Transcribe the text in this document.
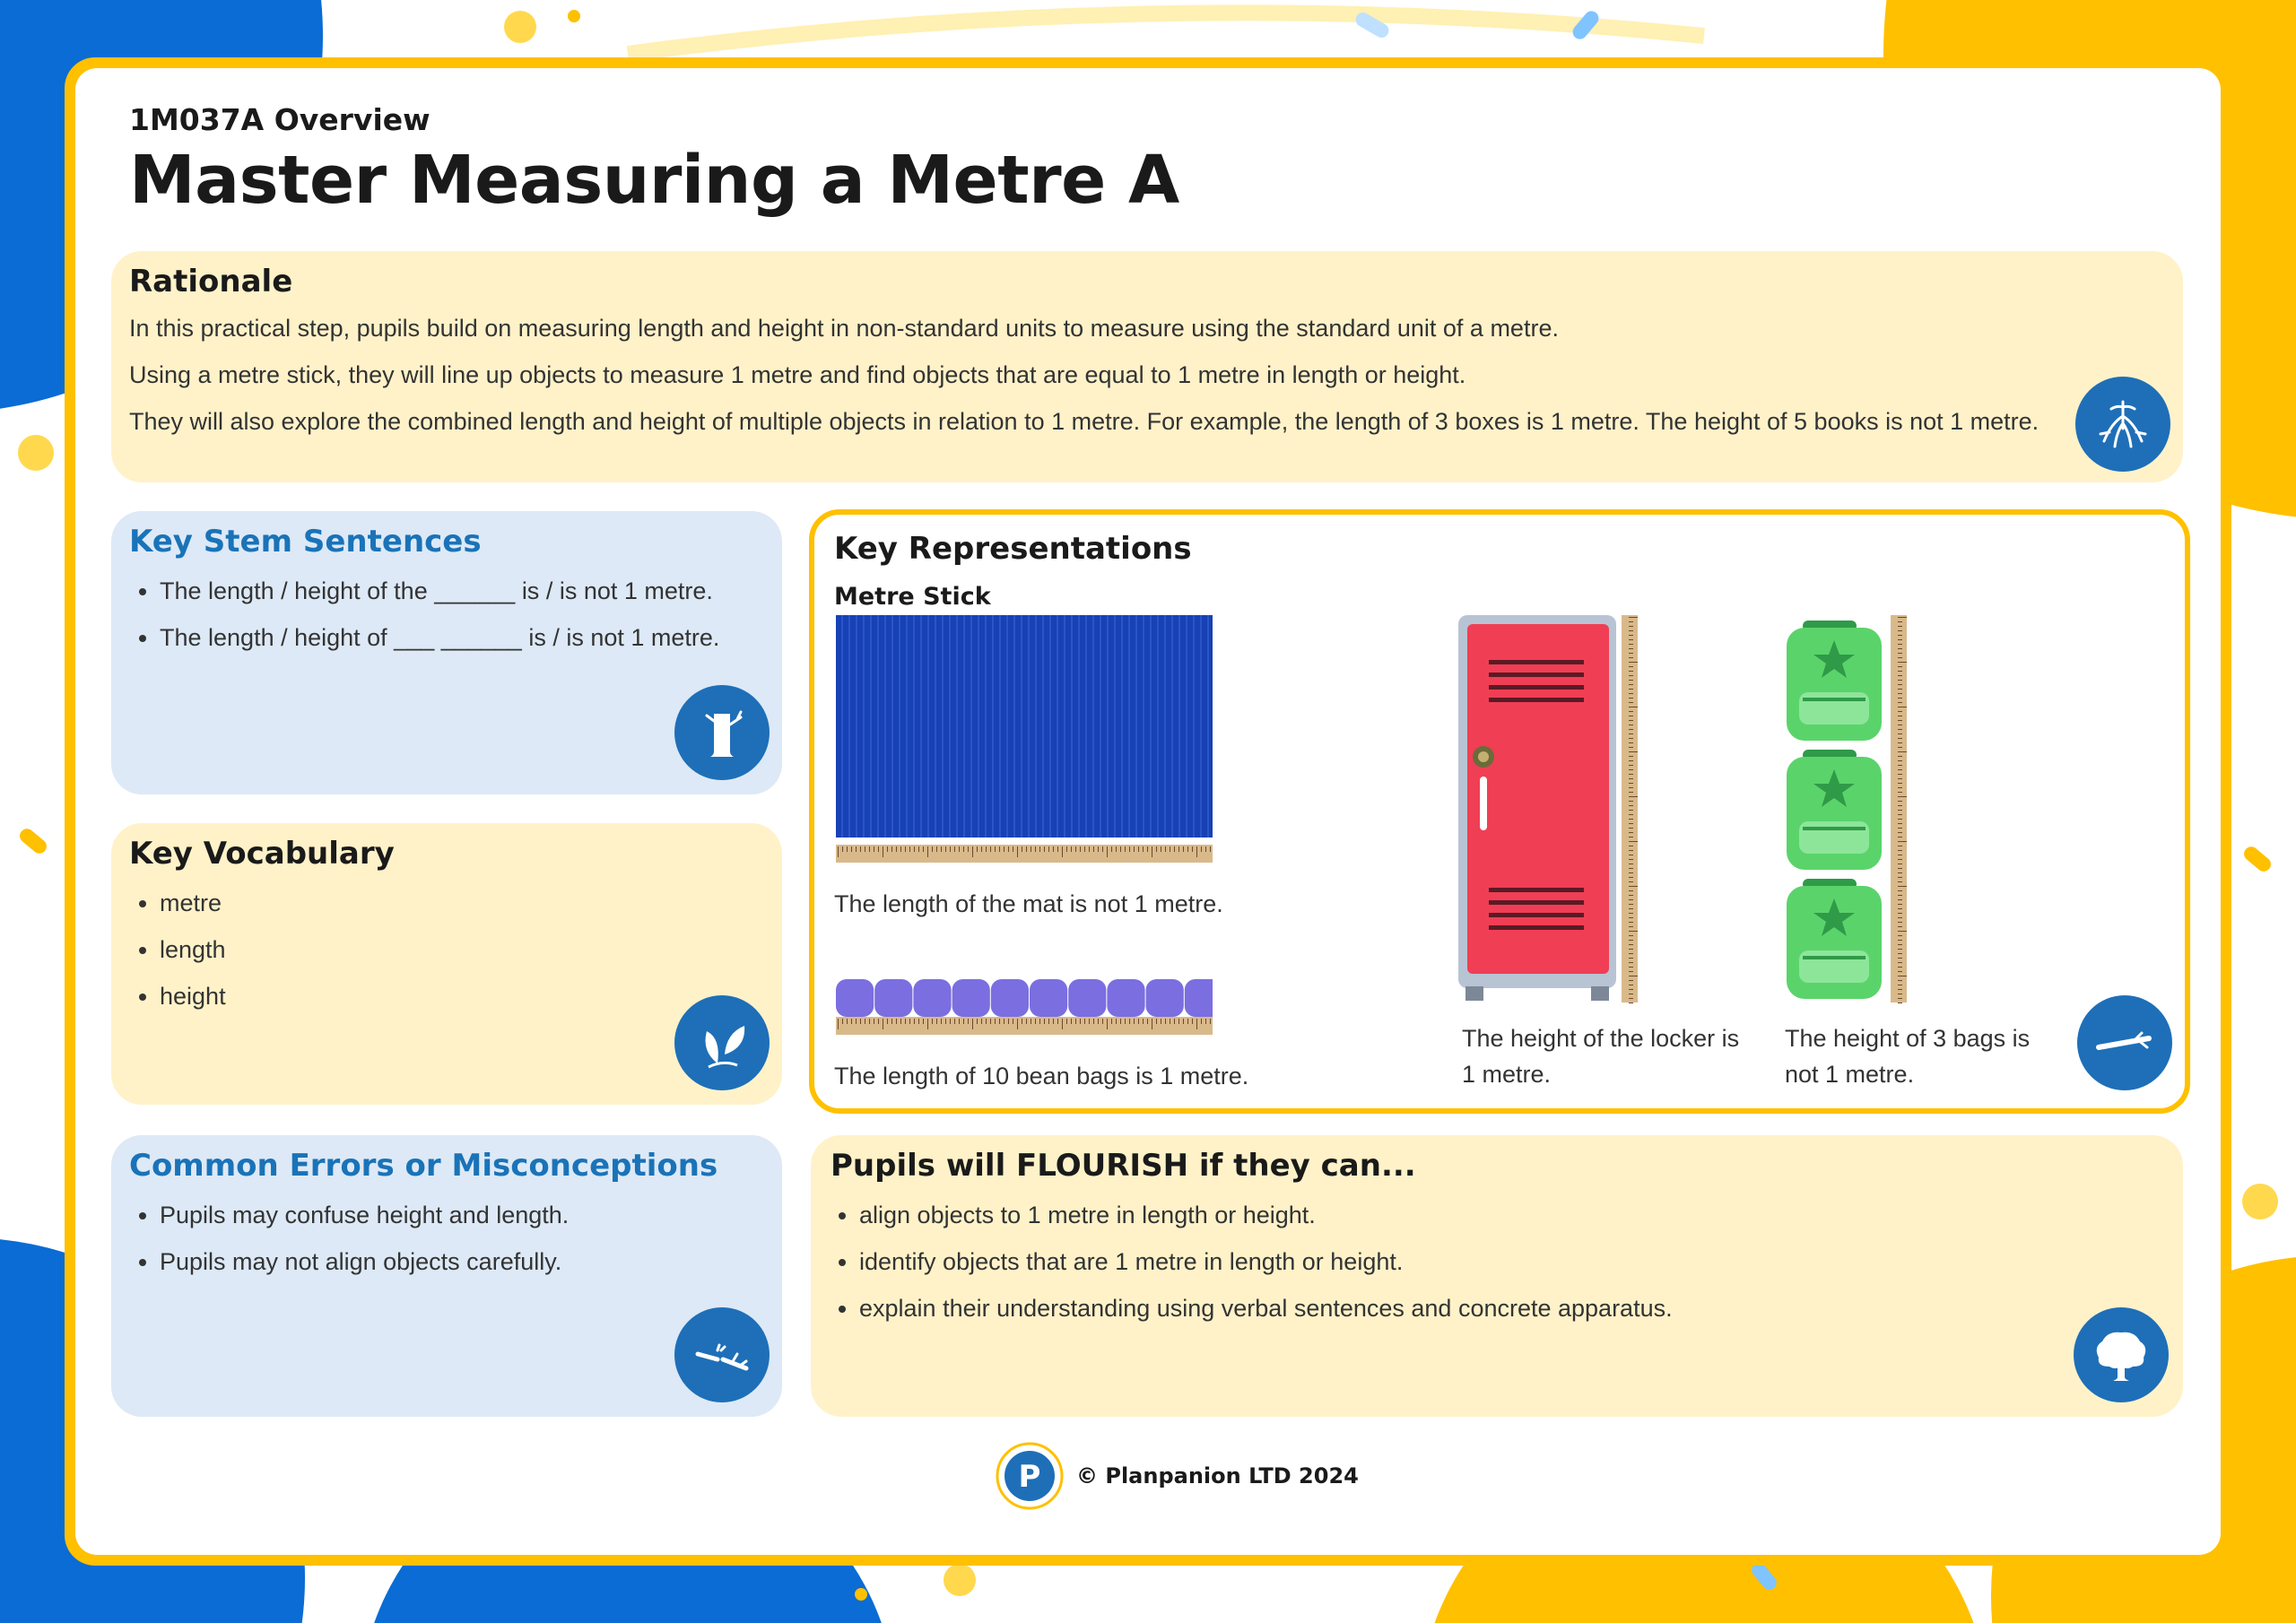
1M037A Overview
Master Measuring a Metre A
Rationale

In this practical step, pupils build on measuring length and height in non-standard units to measure using the standard unit of a metre.

Using a metre stick, they will line up objects to measure 1 metre and find objects that are equal to 1 metre in length or height.

They will also explore the combined length and height of multiple objects in relation to 1 metre. For example, the length of 3 boxes is 1 metre. The height of 5 books is not 1 metre.

Key Stem Sentences
• The length / height of the ______ is / is not 1 metre.
• The length / height of ___ ______ is / is not 1 metre.
Key Vocabulary
• metre
• length
• height
Common Errors or Misconceptions
• Pupils may confuse height and length.
• Pupils may not align objects carefully.
Key Representations
Metre Stick
The length of the mat is not 1 metre.
The length of 10 bean bags is 1 metre.
The height of the locker is 1 metre.
The height of 3 bags is not 1 metre.
Pupils will FLOURISH if they can...
• align objects to 1 metre in length or height.
• identify objects that are 1 metre in length or height.
• explain their understanding using verbal sentences and concrete apparatus.
P © Planpanion LTD 2024
